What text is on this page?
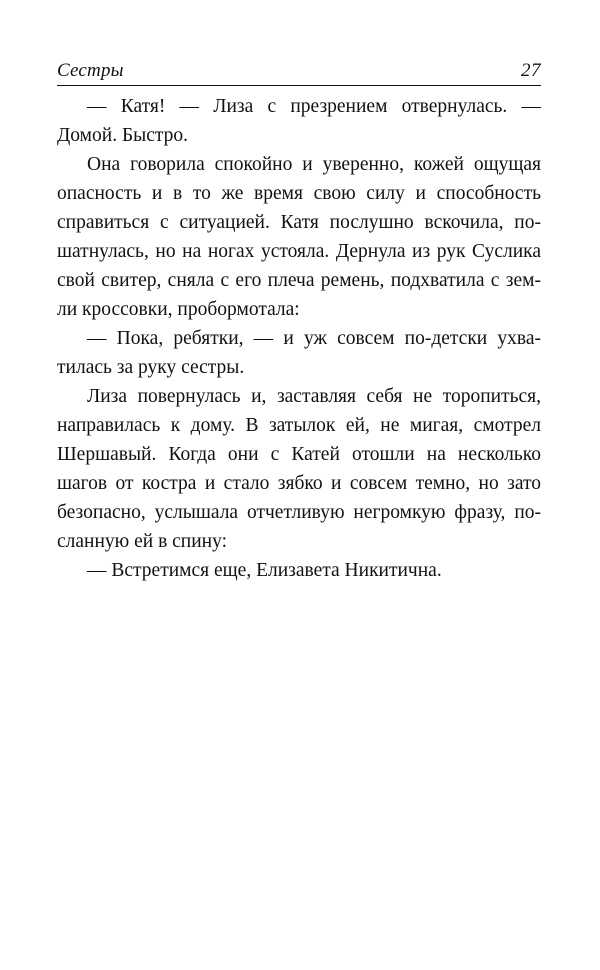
Сестры	27
— Катя! — Лиза с презрением отвернулась. —
Домой. Быстро.
Она говорила спокойно и уверенно, кожей ощущая
опасность и в то же время свою силу и способность
справиться с ситуацией. Катя послушно вскочила, по-
шатнулась, но на ногах устояла. Дернула из рук Суслика
свой свитер, сняла с его плеча ремень, подхватила с зем-
ли кроссовки, пробормотала:
— Пока, ребятки, — и уж совсем по-детски ухва-
тилась за руку сестры.
Лиза повернулась и, заставляя себя не торопиться,
направилась к дому. В затылок ей, не мигая, смотрел
Шершавый. Когда они с Катей отошли на несколько
шагов от костра и стало зябко и совсем темно, но зато
безопасно, услышала отчетливую негромкую фразу, по-
сланную ей в спину:
— Встретимся еще, Елизавета Никитична.
